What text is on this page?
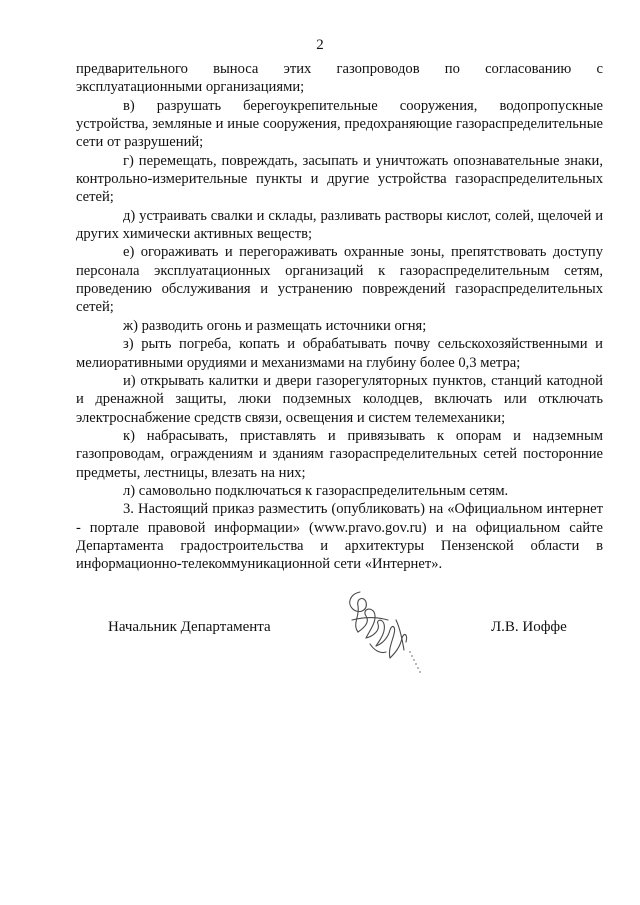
2

предварительного выноса этих газопроводов по согласованию с эксплуатационными организациями;

в) разрушать берегоукрепительные сооружения, водопропускные устройства, земляные и иные сооружения, предохраняющие газораспределительные сети от разрушений;

г) перемещать, повреждать, засыпать и уничтожать опознавательные знаки, контрольно-измерительные пункты и другие устройства газораспределительных сетей;

д) устраивать свалки и склады, разливать растворы кислот, солей, щелочей и других химически активных веществ;

е) огораживать и перегораживать охранные зоны, препятствовать доступу персонала эксплуатационных организаций к газораспределительным сетям, проведению обслуживания и устранению повреждений газораспределительных сетей;

ж) разводить огонь и размещать источники огня;

з) рыть погреба, копать и обрабатывать почву сельскохозяйственными и мелиоративными орудиями и механизмами на глубину более 0,3 метра;

и) открывать калитки и двери газорегуляторных пунктов, станций катодной и дренажной защиты, люки подземных колодцев, включать или отключать электроснабжение средств связи, освещения и систем телемеханики;

к) набрасывать, приставлять и привязывать к опорам и надземным газопроводам, ограждениям и зданиям газораспределительных сетей посторонние предметы, лестницы, влезать на них;

л) самовольно подключаться к газораспределительным сетям.

3. Настоящий приказ разместить (опубликовать) на «Официальном интернет - портале правовой информации» (www.pravo.gov.ru) и на официальном сайте Департамента градостроительства и архитектуры Пензенской области в информационно-телекоммуникационной сети «Интернет».

Начальник Департамента	Л.В. Иоффе
